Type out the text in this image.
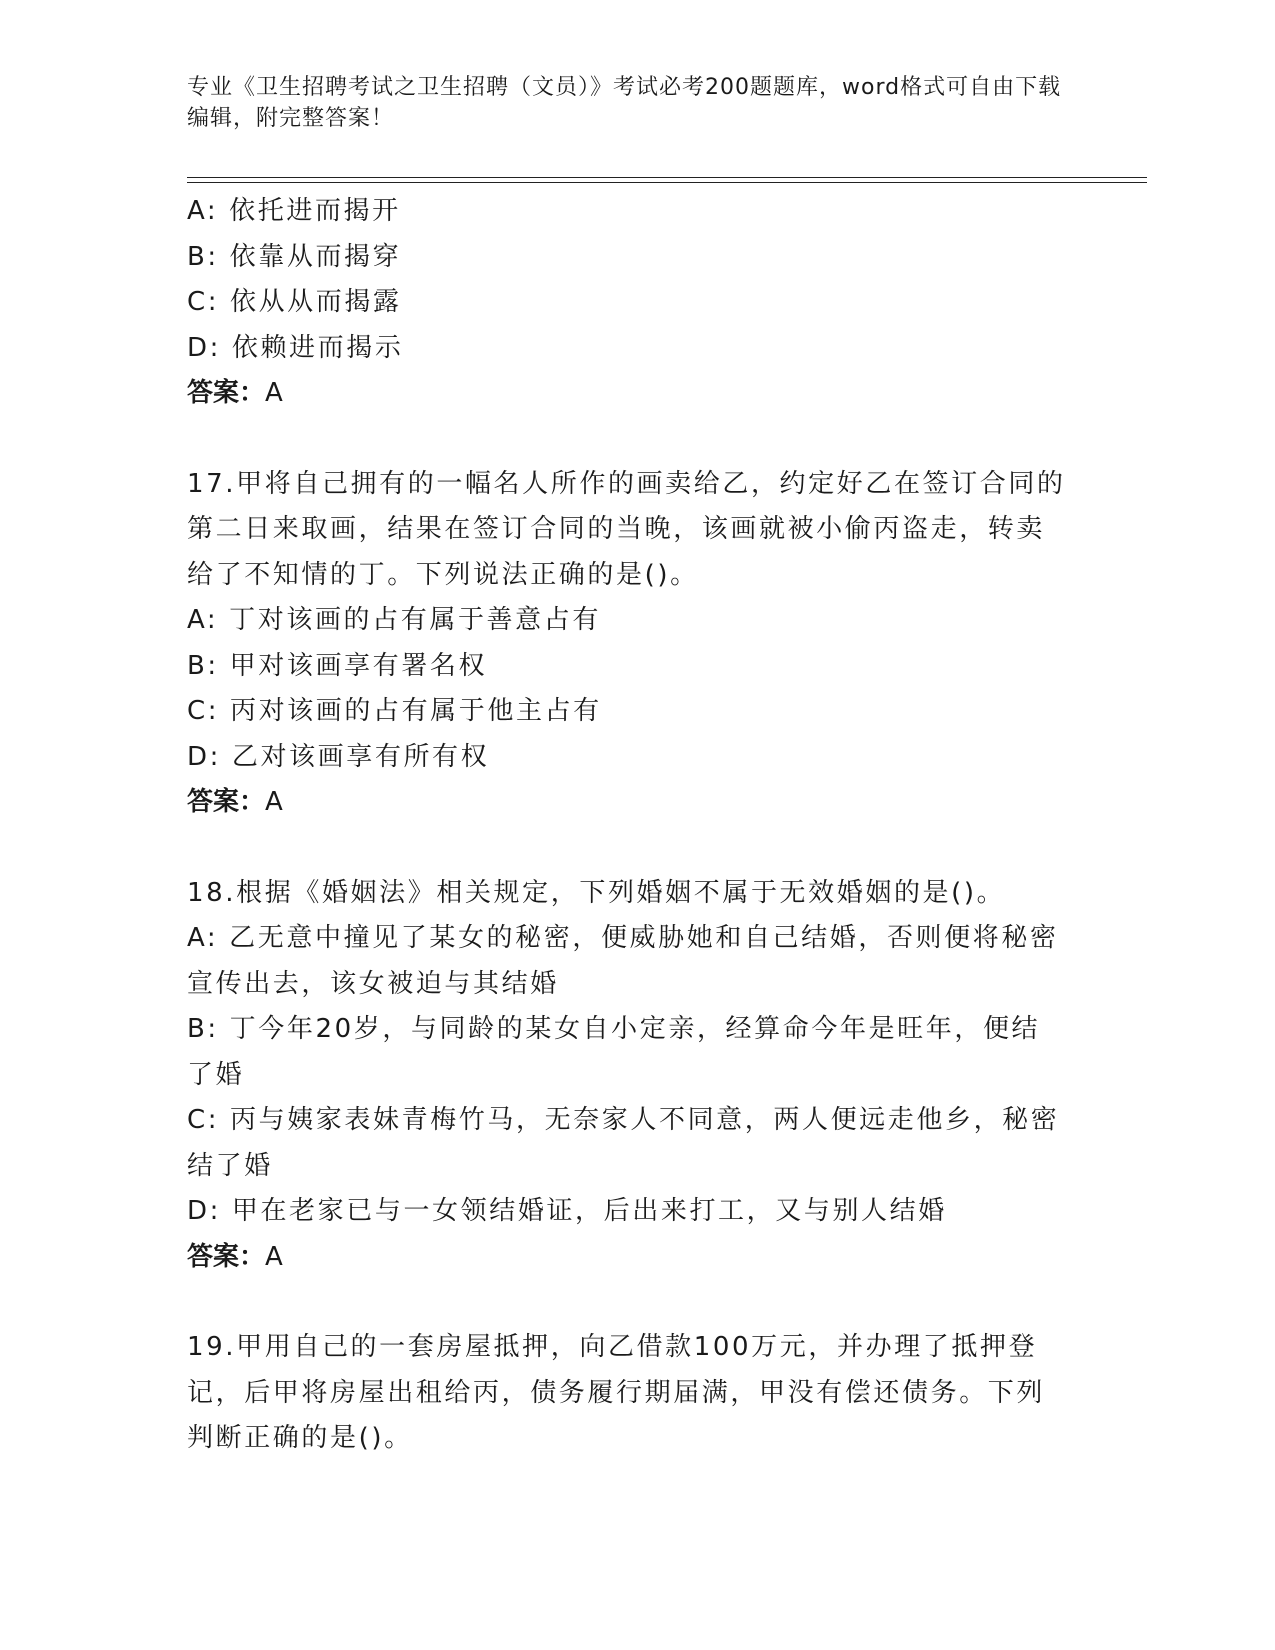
专业《卫生招聘考试之卫生招聘（文员）》考试必考200题题库，word格式可自由下载编辑，附完整答案！
A: 依托进而揭开
B: 依靠从而揭穿
C: 依从从而揭露
D: 依赖进而揭示
答案：A
17.甲将自己拥有的一幅名人所作的画卖给乙，约定好乙在签订合同的第二日来取画，结果在签订合同的当晚，该画就被小偷丙盗走，转卖给了不知情的丁。下列说法正确的是()。
A: 丁对该画的占有属于善意占有
B: 甲对该画享有署名权
C: 丙对该画的占有属于他主占有
D: 乙对该画享有所有权
答案：A
18.根据《婚姻法》相关规定，下列婚姻不属于无效婚姻的是()。
A: 乙无意中撞见了某女的秘密，便威胁她和自己结婚，否则便将秘密宣传出去，该女被迫与其结婚
B: 丁今年20岁，与同龄的某女自小定亲，经算命今年是旺年，便结了婚
C: 丙与姨家表妹青梅竹马，无奈家人不同意，两人便远走他乡，秘密结了婚
D: 甲在老家已与一女领结婚证，后出来打工，又与别人结婚
答案：A
19.甲用自己的一套房屋抵押，向乙借款100万元，并办理了抵押登记，后甲将房屋出租给丙，债务履行期届满，甲没有偿还债务。下列判断正确的是()。
